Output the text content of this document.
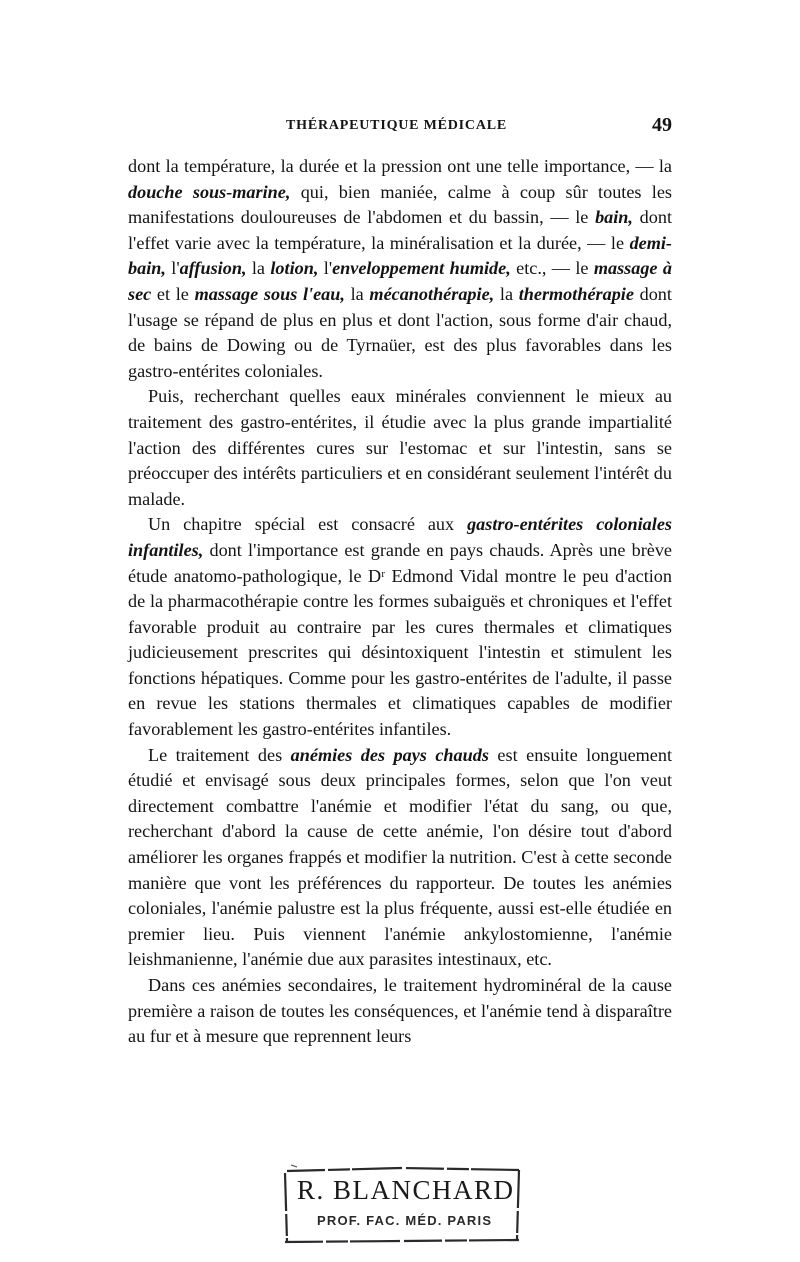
THÉRAPEUTIQUE MÉDICALE	49

dont la température, la durée et la pression ont une telle importance, — la douche sous-marine, qui, bien maniée, calme à coup sûr toutes les manifestations douloureuses de l'abdomen et du bassin, — le bain, dont l'effet varie avec la température, la minéralisation et la durée, — le demi-bain, l'affusion, la lotion, l'enveloppement humide, etc., — le massage à sec et le massage sous l'eau, la mécanothérapie, la thermothérapie dont l'usage se répand de plus en plus et dont l'action, sous forme d'air chaud, de bains de Dowing ou de Tyrnaüer, est des plus favorables dans les gastro-entérites coloniales.

Puis, recherchant quelles eaux minérales conviennent le mieux au traitement des gastro-entérites, il étudie avec la plus grande impartialité l'action des différentes cures sur l'estomac et sur l'intestin, sans se préoccuper des intérêts particuliers et en considérant seulement l'intérêt du malade.

Un chapitre spécial est consacré aux gastro-entérites coloniales infantiles, dont l'importance est grande en pays chauds. Après une brève étude anatomo-pathologique, le Dʳ Edmond Vidal montre le peu d'action de la pharmacothérapie contre les formes subaiguës et chroniques et l'effet favorable produit au contraire par les cures thermales et climatiques judicieusement prescrites qui désintoxiquent l'intestin et stimulent les fonctions hépatiques. Comme pour les gastro-entérites de l'adulte, il passe en revue les stations thermales et climatiques capables de modifier favorablement les gastro-entérites infantiles.

Le traitement des anémies des pays chauds est ensuite longuement étudié et envisagé sous deux principales formes, selon que l'on veut directement combattre l'anémie et modifier l'état du sang, ou que, recherchant d'abord la cause de cette anémie, l'on désire tout d'abord améliorer les organes frappés et modifier la nutrition. C'est à cette seconde manière que vont les préférences du rapporteur. De toutes les anémies coloniales, l'anémie palustre est la plus fréquente, aussi est-elle étudiée en premier lieu. Puis viennent l'anémie ankylostomienne, l'anémie leishmanienne, l'anémie due aux parasites intestinaux, etc.

Dans ces anémies secondaires, le traitement hydrominéral de la cause première a raison de toutes les conséquences, et l'anémie tend à disparaître au fur et à mesure que reprennent leurs

R. BLANCHARD
PROF. FAC. MÉD. PARIS
